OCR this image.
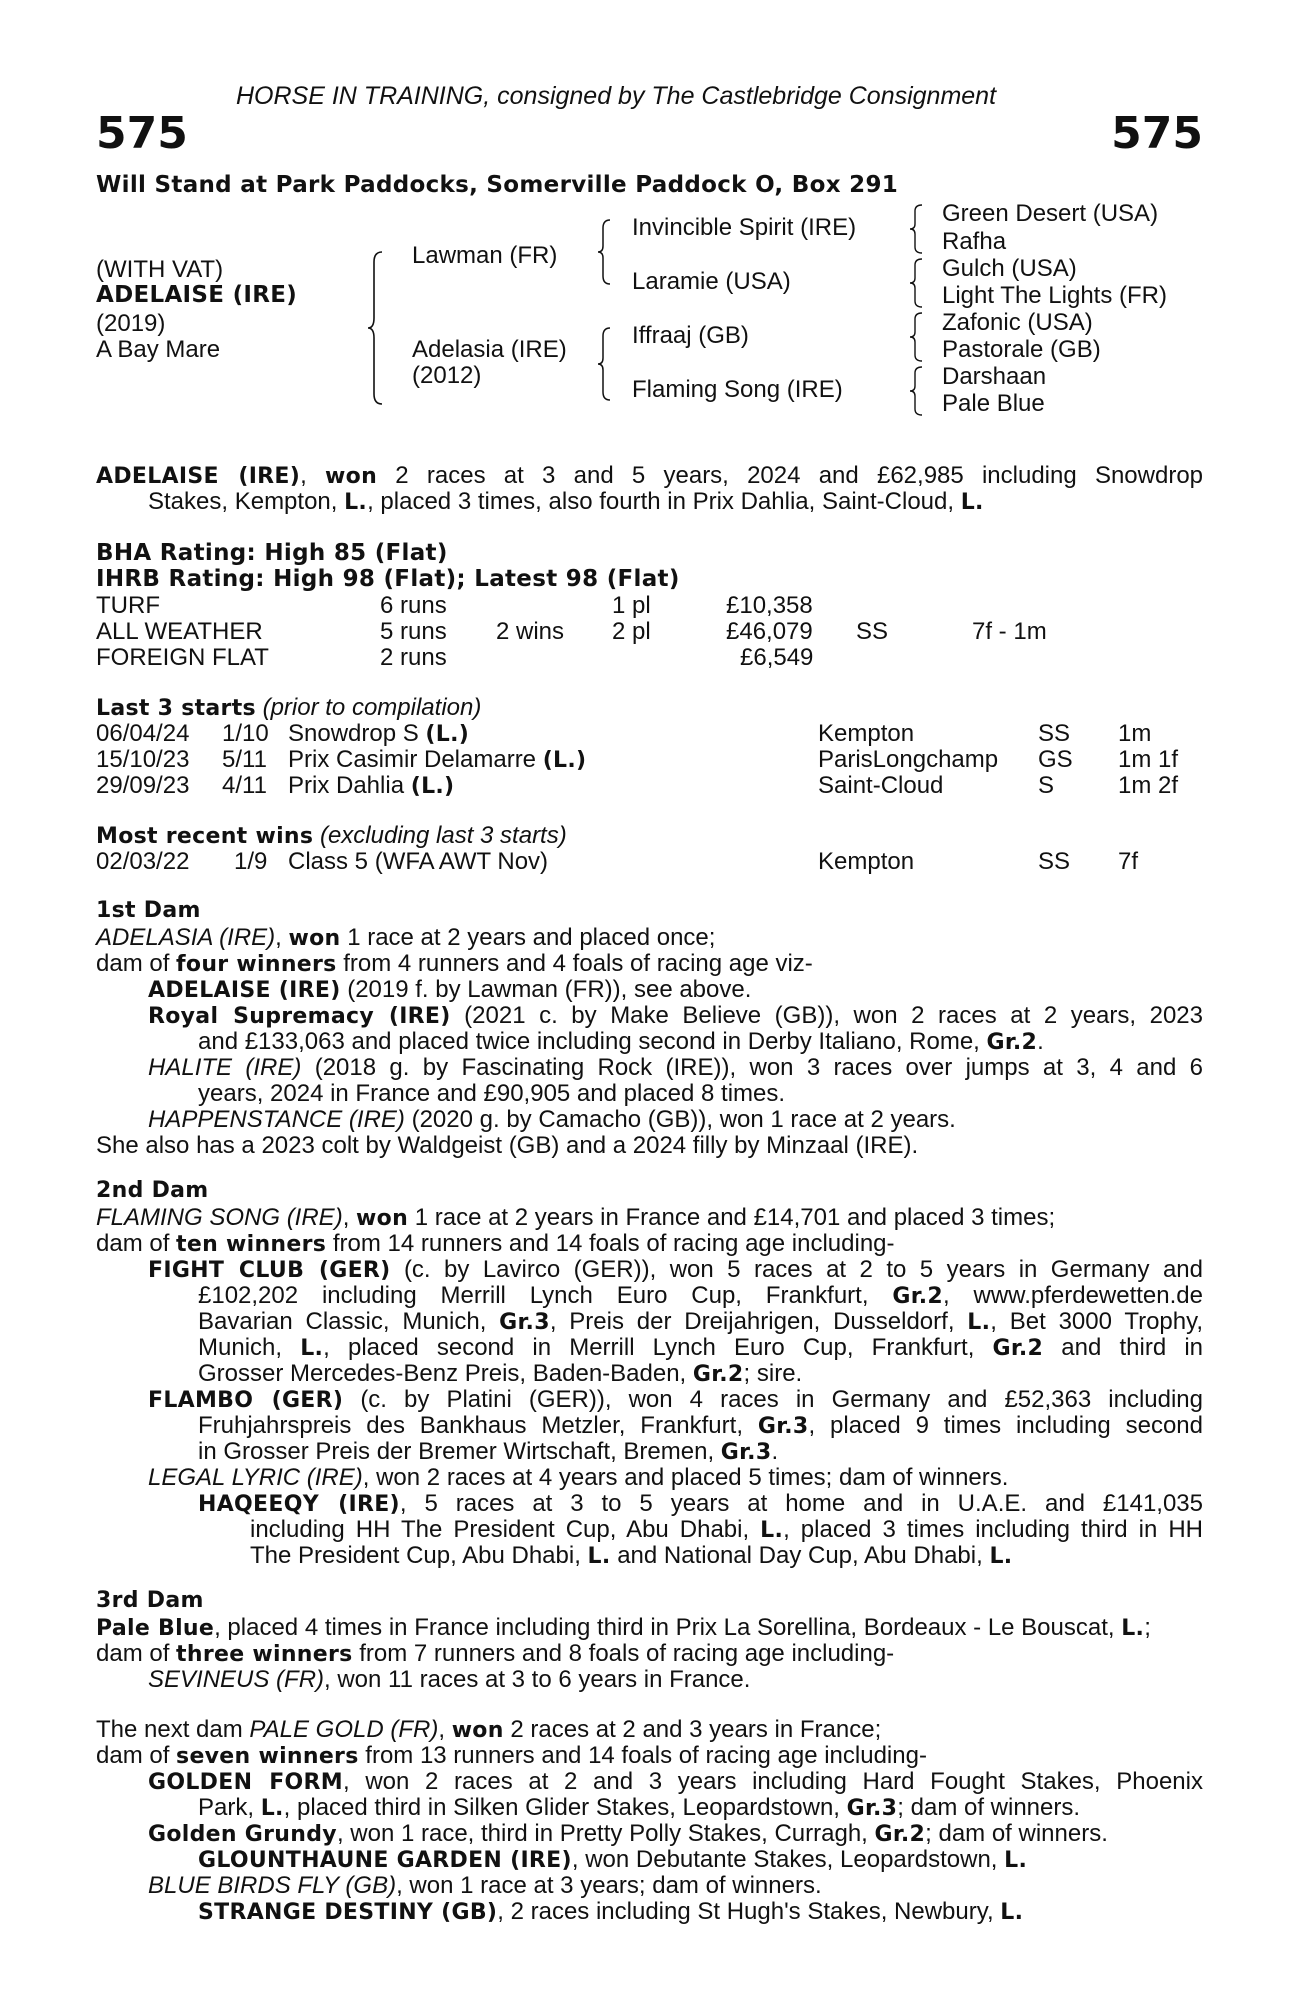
HORSE IN TRAINING, consigned by The Castlebridge Consignment
575	575
Will Stand at Park Paddocks, Somerville Paddock O, Box 291
(WITH VAT)
ADELAISE (IRE)
(2019)
A Bay Mare
Lawman (FR)
Adelasia (IRE)
(2012)
Invincible Spirit (IRE)
Laramie (USA)
Iffraaj (GB)
Flaming Song (IRE)
Green Desert (USA)
Rafha
Gulch (USA)
Light The Lights (FR)
Zafonic (USA)
Pastorale (GB)
Darshaan
Pale Blue
ADELAISE (IRE), won 2 races at 3 and 5 years, 2024 and £62,985 including Snowdrop
Stakes, Kempton, L., placed 3 times, also fourth in Prix Dahlia, Saint-Cloud, L.
BHA Rating: High 85 (Flat)
IHRB Rating: High 98 (Flat); Latest 98 (Flat)
TURF	6 runs	1 pl	£10,358
ALL WEATHER	5 runs 2 wins 2 pl	£46,079 SS	7f - 1m
FOREIGN FLAT	2 runs	£6,549
Last 3 starts (prior to compilation)
06/04/24 1/10 Snowdrop S (L.)	Kempton	SS 1m
15/10/23 5/11 Prix Casimir Delamarre (L.)	ParisLongchamp GS 1m 1f
29/09/23 4/11 Prix Dahlia (L.)	Saint-Cloud	S	1m 2f
Most recent wins (excluding last 3 starts)
02/03/22 1/9 Class 5 (WFA AWT Nov)	Kempton	SS 7f
1st Dam
ADELASIA (IRE), won 1 race at 2 years and placed once;
dam of four winners from 4 runners and 4 foals of racing age viz-
ADELAISE (IRE) (2019 f. by Lawman (FR)), see above.
Royal Supremacy (IRE) (2021 c. by Make Believe (GB)), won 2 races at 2 years, 2023
and £133,063 and placed twice including second in Derby Italiano, Rome, Gr.2.
HALITE (IRE) (2018 g. by Fascinating Rock (IRE)), won 3 races over jumps at 3, 4 and 6
years, 2024 in France and £90,905 and placed 8 times.
HAPPENSTANCE (IRE) (2020 g. by Camacho (GB)), won 1 race at 2 years.
She also has a 2023 colt by Waldgeist (GB) and a 2024 filly by Minzaal (IRE).
2nd Dam
FLAMING SONG (IRE), won 1 race at 2 years in France and £14,701 and placed 3 times;
dam of ten winners from 14 runners and 14 foals of racing age including-
FIGHT CLUB (GER) (c. by Lavirco (GER)), won 5 races at 2 to 5 years in Germany and
£102,202 including Merrill Lynch Euro Cup, Frankfurt, Gr.2, www.pferdewetten.de
Bavarian Classic, Munich, Gr.3, Preis der Dreijahrigen, Dusseldorf, L., Bet 3000 Trophy,
Munich, L., placed second in Merrill Lynch Euro Cup, Frankfurt, Gr.2 and third in
Grosser Mercedes-Benz Preis, Baden-Baden, Gr.2; sire.
FLAMBO (GER) (c. by Platini (GER)), won 4 races in Germany and £52,363 including
Fruhjahrspreis des Bankhaus Metzler, Frankfurt, Gr.3, placed 9 times including second
in Grosser Preis der Bremer Wirtschaft, Bremen, Gr.3.
LEGAL LYRIC (IRE), won 2 races at 4 years and placed 5 times; dam of winners.
HAQEEQY (IRE), 5 races at 3 to 5 years at home and in U.A.E. and £141,035
including HH The President Cup, Abu Dhabi, L., placed 3 times including third in HH
The President Cup, Abu Dhabi, L. and National Day Cup, Abu Dhabi, L.
3rd Dam
Pale Blue, placed 4 times in France including third in Prix La Sorellina, Bordeaux - Le Bouscat, L.;
dam of three winners from 7 runners and 8 foals of racing age including-
SEVINEUS (FR), won 11 races at 3 to 6 years in France.
The next dam PALE GOLD (FR), won 2 races at 2 and 3 years in France;
dam of seven winners from 13 runners and 14 foals of racing age including-
GOLDEN FORM, won 2 races at 2 and 3 years including Hard Fought Stakes, Phoenix
Park, L., placed third in Silken Glider Stakes, Leopardstown, Gr.3; dam of winners.
Golden Grundy, won 1 race, third in Pretty Polly Stakes, Curragh, Gr.2; dam of winners.
GLOUNTHAUNE GARDEN (IRE), won Debutante Stakes, Leopardstown, L.
BLUE BIRDS FLY (GB), won 1 race at 3 years; dam of winners.
STRANGE DESTINY (GB), 2 races including St Hugh's Stakes, Newbury, L.
